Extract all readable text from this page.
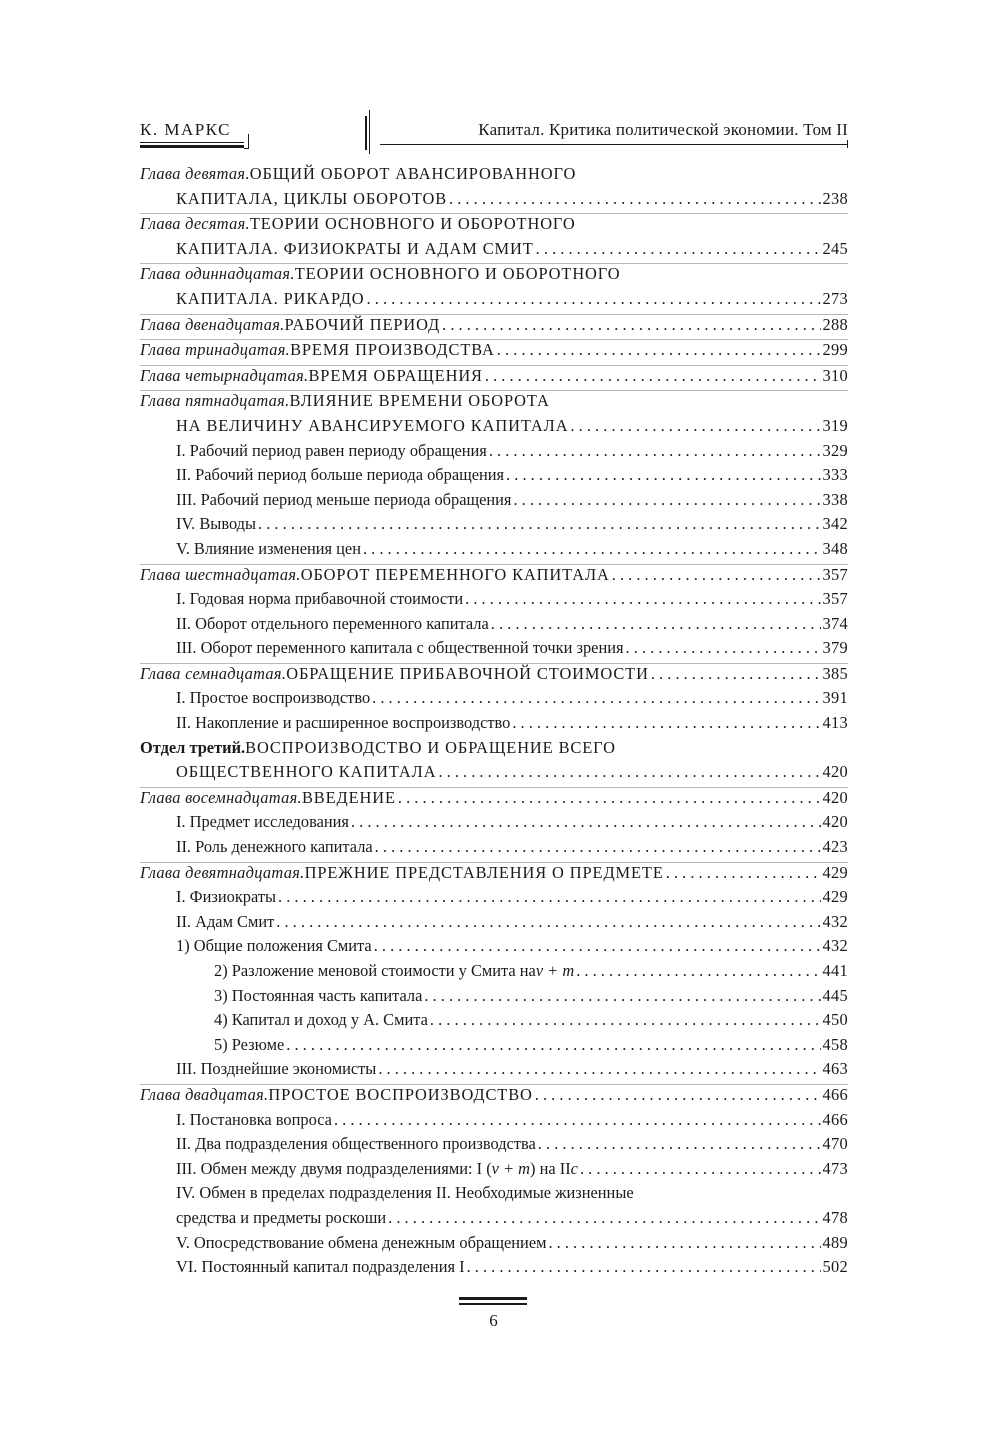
К. МАРКС	Капитал. Критика политической экономии. Том II
Глава девятая. ОБЩИЙ ОБОРОТ АВАНСИРОВАННОГО
КАПИТАЛА, ЦИКЛЫ ОБОРОТОВ . . .	238
Глава десятая. ТЕОРИИ ОСНОВНОГО И ОБОРОТНОГО
КАПИТАЛА. ФИЗИОКРАТЫ И АДАМ СМИТ . . .	245
Глава одиннадцатая. ТЕОРИИ ОСНОВНОГО И ОБОРОТНОГО
КАПИТАЛА. РИКАРДО . . .	273
Глава двенадцатая. РАБОЧИЙ ПЕРИОД . . .	288
Глава тринадцатая. ВРЕМЯ ПРОИЗВОДСТВА . . .	299
Глава четырнадцатая. ВРЕМЯ ОБРАЩЕНИЯ . . .	310
Глава пятнадцатая. ВЛИЯНИЕ ВРЕМЕНИ ОБОРОТА
НА ВЕЛИЧИНУ АВАНСИРУЕМОГО КАПИТАЛА . . .	319
I. Рабочий период равен периоду обращения . . .	329
II. Рабочий период больше периода обращения . . .	333
III. Рабочий период меньше периода обращения . . .	338
IV. Выводы . . .	342
V. Влияние изменения цен . . .	348
Глава шестнадцатая. ОБОРОТ ПЕРЕМЕННОГО КАПИТАЛА . . .	357
I. Годовая норма прибавочной стоимости . . .	357
II. Оборот отдельного переменного капитала . . .	374
III. Оборот переменного капитала с общественной точки зрения . . .	379
Глава семнадцатая. ОБРАЩЕНИЕ ПРИБАВОЧНОЙ СТОИМОСТИ . . .	385
I. Простое воспроизводство . . .	391
II. Накопление и расширенное воспроизводство . . .	413
Отдел третий. ВОСПРОИЗВОДСТВО И ОБРАЩЕНИЕ ВСЕГО
ОБЩЕСТВЕННОГО КАПИТАЛА . . .	420
Глава восемнадцатая. ВВЕДЕНИЕ . . .	420
I. Предмет исследования . . .	420
II. Роль денежного капитала . . .	423
Глава девятнадцатая. ПРЕЖНИЕ ПРЕДСТАВЛЕНИЯ О ПРЕДМЕТЕ . . .	429
I. Физиократы . . .	429
II. Адам Смит . . .	432
1) Общие положения Смита . . .	432
2) Разложение меновой стоимости у Смита на v + m . . .	441
3) Постоянная часть капитала . . .	445
4) Капитал и доход у А. Смита . . .	450
5) Резюме . . .	458
III. Позднейшие экономисты . . .	463
Глава двадцатая. ПРОСТОЕ ВОСПРОИЗВОДСТВО . . .	466
I. Постановка вопроса . . .	466
II. Два подразделения общественного производства . . .	470
III. Обмен между двумя подразделениями: I ( v + m ) на II c . . .	473
IV. Обмен в пределах подразделения II. Необходимые жизненные
средства и предметы роскоши . . .	478
V. Опосредствование обмена денежным обращением . . .	489
VI. Постоянный капитал подразделения I . . .	502
6
